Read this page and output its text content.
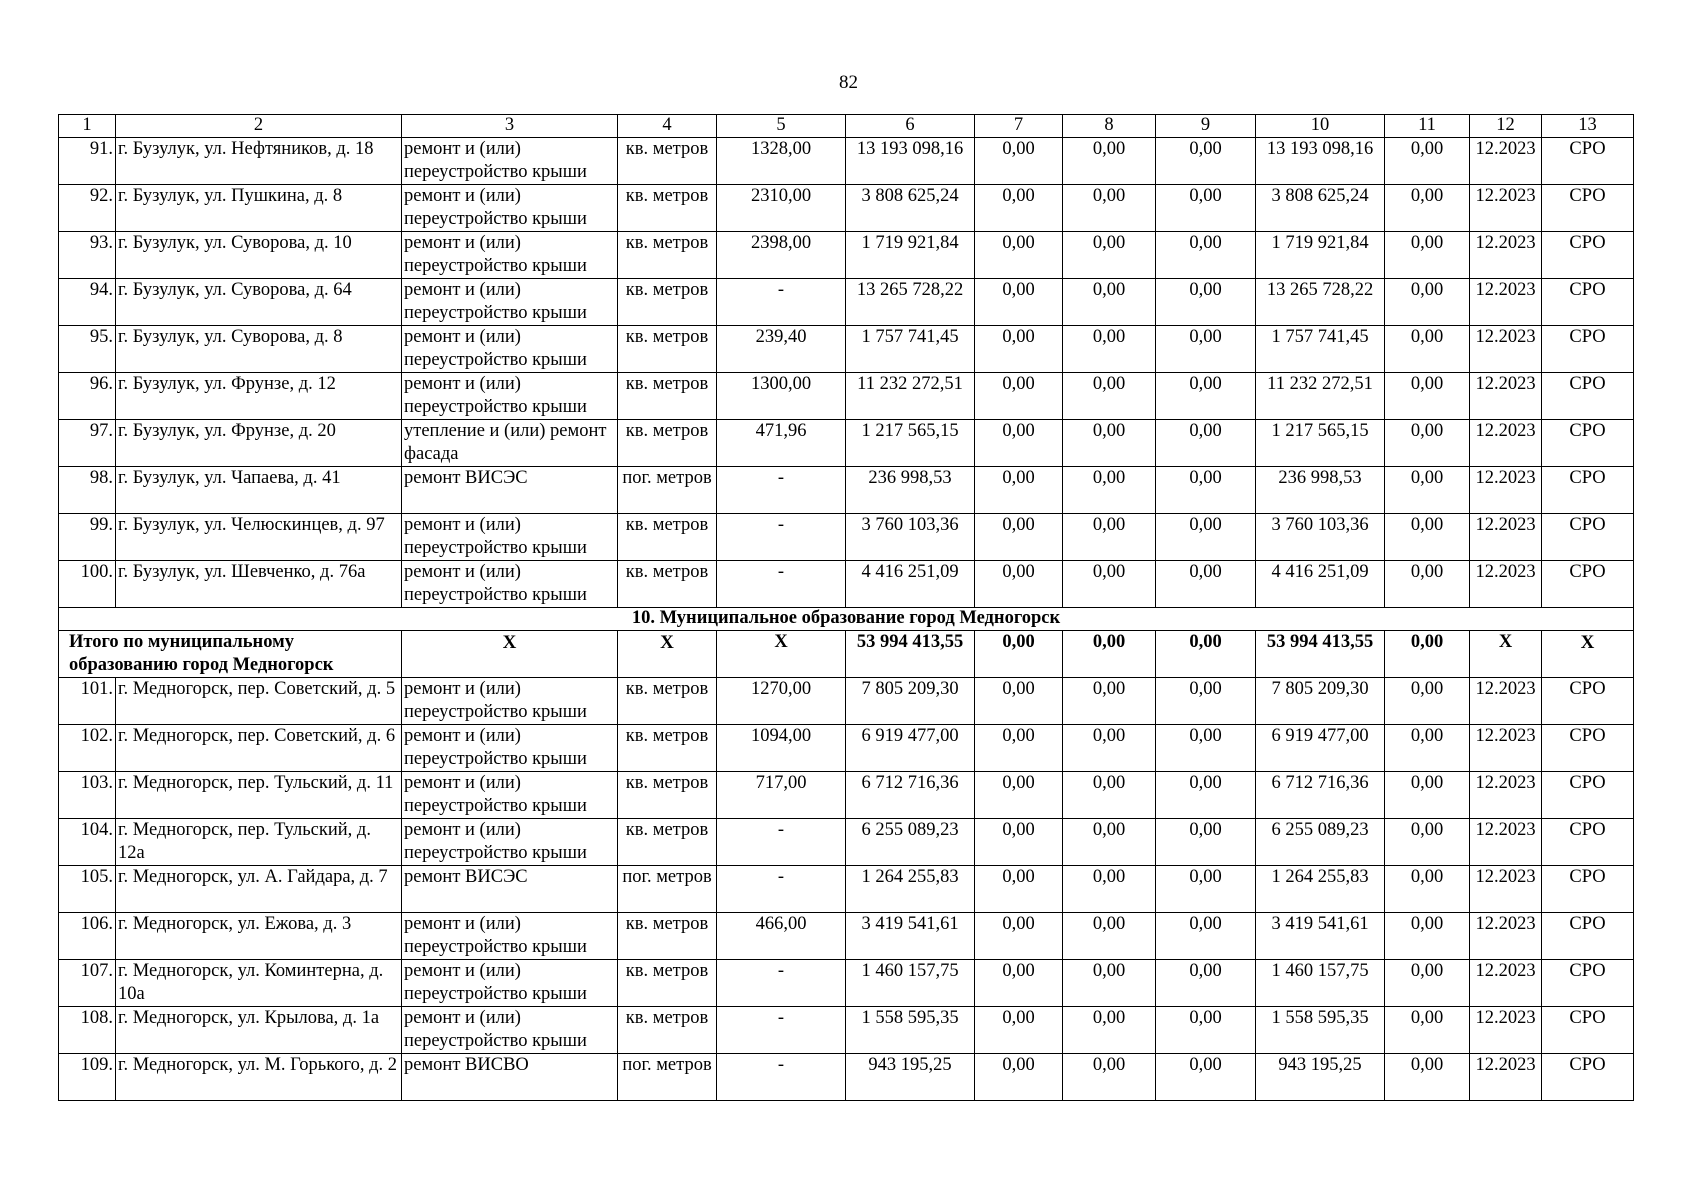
82
1	2	3	4	5	6	7	8	9	10	11	12	13
91.	г. Бузулук, ул. Нефтяников, д. 18	ремонт и (или) переустройство крыши	кв. метров	1328,00	13 193 098,16	0,00	0,00	0,00	13 193 098,16	0,00	12.2023	СРО
92.	г. Бузулук, ул. Пушкина, д. 8	ремонт и (или) переустройство крыши	кв. метров	2310,00	3 808 625,24	0,00	0,00	0,00	3 808 625,24	0,00	12.2023	СРО
93.	г. Бузулук, ул. Суворова, д. 10	ремонт и (или) переустройство крыши	кв. метров	2398,00	1 719 921,84	0,00	0,00	0,00	1 719 921,84	0,00	12.2023	СРО
94.	г. Бузулук, ул. Суворова, д. 64	ремонт и (или) переустройство крыши	кв. метров	-	13 265 728,22	0,00	0,00	0,00	13 265 728,22	0,00	12.2023	СРО
95.	г. Бузулук, ул. Суворова, д. 8	ремонт и (или) переустройство крыши	кв. метров	239,40	1 757 741,45	0,00	0,00	0,00	1 757 741,45	0,00	12.2023	СРО
96.	г. Бузулук, ул. Фрунзе, д. 12	ремонт и (или) переустройство крыши	кв. метров	1300,00	11 232 272,51	0,00	0,00	0,00	11 232 272,51	0,00	12.2023	СРО
97.	г. Бузулук, ул. Фрунзе, д. 20	утепление и (или) ремонт фасада	кв. метров	471,96	1 217 565,15	0,00	0,00	0,00	1 217 565,15	0,00	12.2023	СРО
98.	г. Бузулук, ул. Чапаева, д. 41	ремонт ВИСЭС	пог. метров	-	236 998,53	0,00	0,00	0,00	236 998,53	0,00	12.2023	СРО
99.	г. Бузулук, ул. Челюскинцев, д. 97	ремонт и (или) переустройство крыши	кв. метров	-	3 760 103,36	0,00	0,00	0,00	3 760 103,36	0,00	12.2023	СРО
100.	г. Бузулук, ул. Шевченко, д. 76а	ремонт и (или) переустройство крыши	кв. метров	-	4 416 251,09	0,00	0,00	0,00	4 416 251,09	0,00	12.2023	СРО
10. Муниципальное образование город Медногорск												
Итого по муниципальному образованию город Медногорск		Х	Х	Х	53 994 413,55	0,00	0,00	0,00	53 994 413,55	0,00	Х	Х
101.	г. Медногорск, пер. Советский, д. 5	ремонт и (или) переустройство крыши	кв. метров	1270,00	7 805 209,30	0,00	0,00	0,00	7 805 209,30	0,00	12.2023	СРО
102.	г. Медногорск, пер. Советский, д. 6	ремонт и (или) переустройство крыши	кв. метров	1094,00	6 919 477,00	0,00	0,00	0,00	6 919 477,00	0,00	12.2023	СРО
103.	г. Медногорск, пер. Тульский, д. 11	ремонт и (или) переустройство крыши	кв. метров	717,00	6 712 716,36	0,00	0,00	0,00	6 712 716,36	0,00	12.2023	СРО
104.	г. Медногорск, пер. Тульский, д. 12а	ремонт и (или) переустройство крыши	кв. метров	-	6 255 089,23	0,00	0,00	0,00	6 255 089,23	0,00	12.2023	СРО
105.	г. Медногорск, ул. А. Гайдара, д. 7	ремонт ВИСЭС	пог. метров	-	1 264 255,83	0,00	0,00	0,00	1 264 255,83	0,00	12.2023	СРО
106.	г. Медногорск, ул. Ежова, д. 3	ремонт и (или) переустройство крыши	кв. метров	466,00	3 419 541,61	0,00	0,00	0,00	3 419 541,61	0,00	12.2023	СРО
107.	г. Медногорск, ул. Коминтерна, д. 10а	ремонт и (или) переустройство крыши	кв. метров	-	1 460 157,75	0,00	0,00	0,00	1 460 157,75	0,00	12.2023	СРО
108.	г. Медногорск, ул. Крылова, д. 1а	ремонт и (или) переустройство крыши	кв. метров	-	1 558 595,35	0,00	0,00	0,00	1 558 595,35	0,00	12.2023	СРО
109.	г. Медногорск, ул. М. Горького, д. 2	ремонт ВИСВО	пог. метров	-	943 195,25	0,00	0,00	0,00	943 195,25	0,00	12.2023	СРО
